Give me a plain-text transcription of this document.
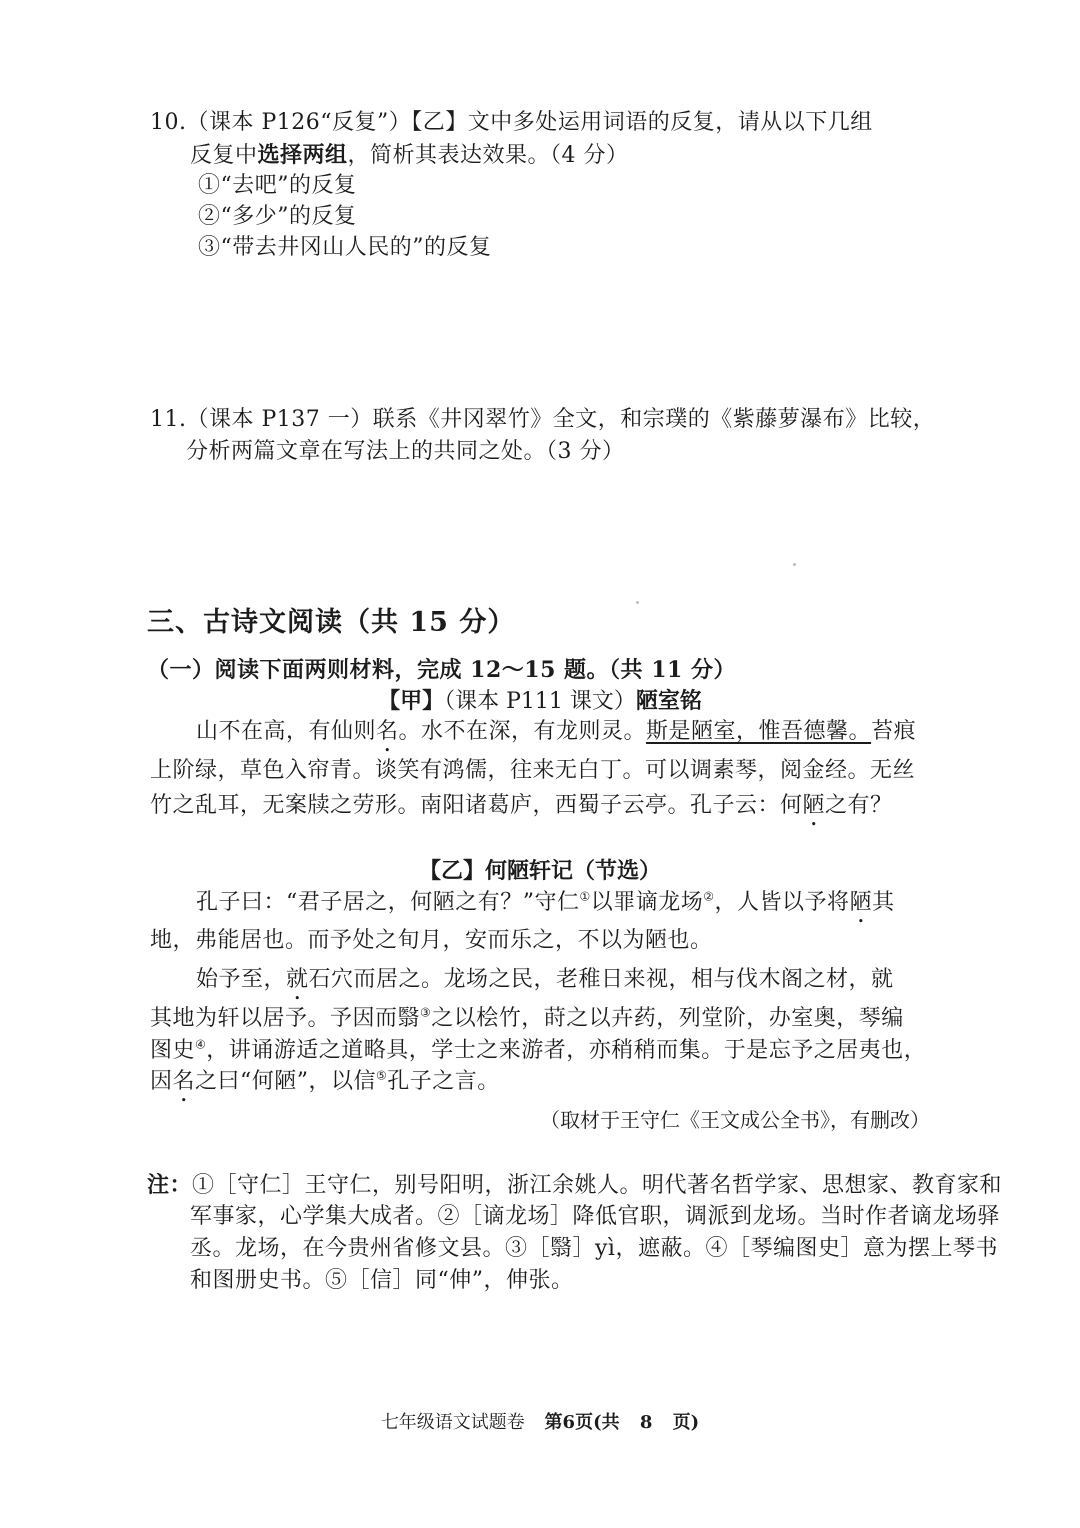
10.（课本 P126“反复”）【乙】文中多处运用词语的反复，请从以下几组
反复中选择两组，简析其表达效果。（4 分）
①“去吧”的反复
②“多少”的反复
③“带去井冈山人民的”的反复
11.（课本 P137 一）联系《井冈翠竹》全文，和宗璞的《紫藤萝瀑布》比较，
分析两篇文章在写法上的共同之处。（3 分）
三、古诗文阅读（共 15 分）
（一）阅读下面两则材料，完成 12～15 题。（共 11 分）
【甲】（课本 P111 课文）陋室铭
山不在高，有仙则名。水不在深，有龙则灵。斯是陋室，惟吾德馨。苔痕
上阶绿，草色入帘青。谈笑有鸿儒，往来无白丁。可以调素琴，阅金经。无丝
竹之乱耳，无案牍之劳形。南阳诸葛庐，西蜀子云亭。孔子云：何陋之有？
【乙】何陋轩记（节选）
孔子曰：“君子居之，何陋之有？”守仁①以罪谪龙场②，人皆以予将陋其
地，弗能居也。而予处之旬月，安而乐之，不以为陋也。
始予至，就石穴而居之。龙场之民，老稚日来视，相与伐木阁之材，就
其地为轩以居予。予因而翳③之以桧竹，莳之以卉药，列堂阶，办室奥，琴编
图史④，讲诵游适之道略具，学士之来游者，亦稍稍而集。于是忘予之居夷也，
因名之曰“何陋”，以信⑤孔子之言。
（取材于王守仁《王文成公全书》，有删改）
注：①［守仁］王守仁，别号阳明，浙江余姚人。明代著名哲学家、思想家、教育家和
军事家，心学集大成者。②［谪龙场］降低官职，调派到龙场。当时作者谪龙场驿
丞。龙场，在今贵州省修文县。③［翳］yì，遮蔽。④［琴编图史］意为摆上琴书
和图册史书。⑤［信］同“伸”，伸张。
七年级语文试题卷 第6页(共 8 页)
